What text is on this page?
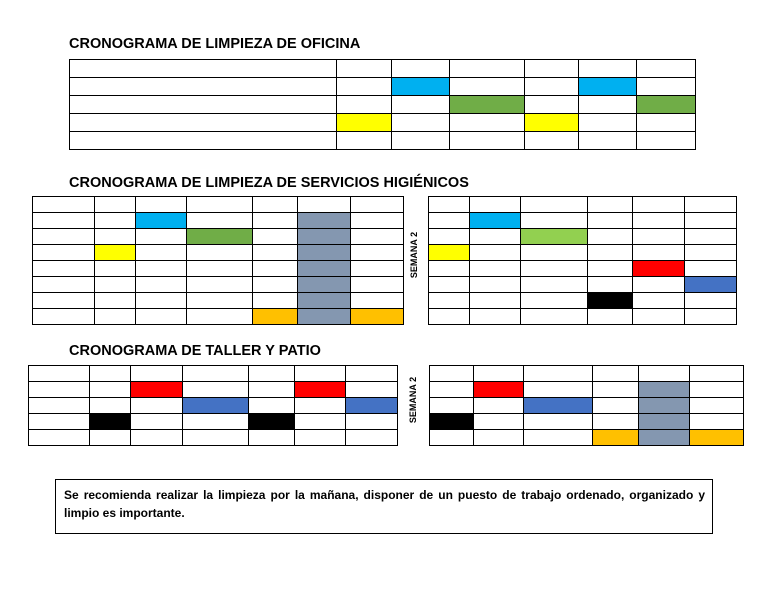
CRONOGRAMA DE LIMPIEZA DE OFICINA

CRONOGRAMA DE LIMPIEZA DE SERVICIOS HIGIÉNICOS

SEMANA 2

CRONOGRAMA DE TALLER Y PATIO

SEMANA 2

Se recomienda realizar la limpieza por la mañana, disponer de un puesto de trabajo ordenado, organizado y limpio es importante.
